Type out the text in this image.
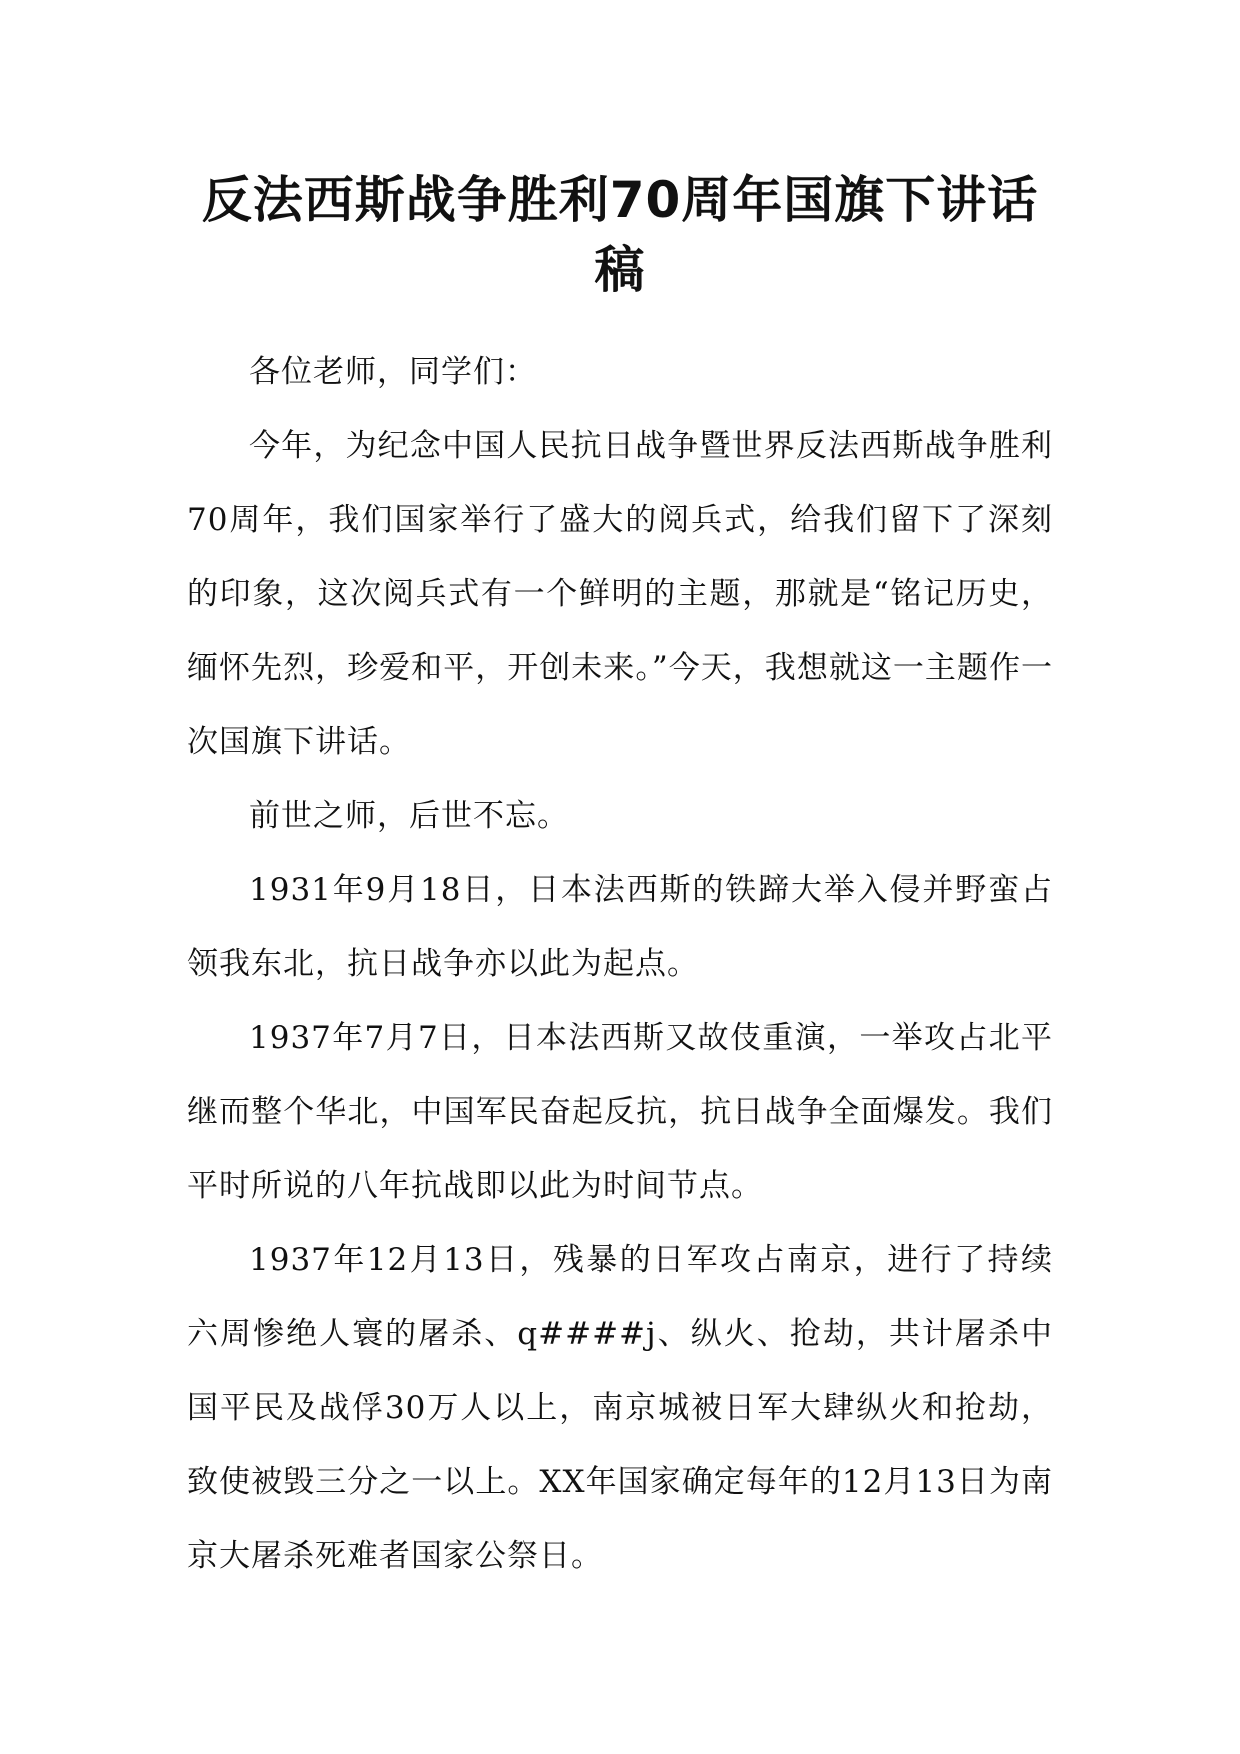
反法西斯战争胜利70周年国旗下讲话稿

各位老师，同学们：

今年，为纪念中国人民抗日战争暨世界反法西斯战争胜利70周年，我们国家举行了盛大的阅兵式，给我们留下了深刻的印象，这次阅兵式有一个鲜明的主题，那就是“铭记历史，缅怀先烈，珍爱和平，开创未来。”今天，我想就这一主题作一次国旗下讲话。

前世之师，后世不忘。

1931年9月18日，日本法西斯的铁蹄大举入侵并野蛮占领我东北，抗日战争亦以此为起点。

1937年7月7日，日本法西斯又故伎重演，一举攻占北平继而整个华北，中国军民奋起反抗，抗日战争全面爆发。我们平时所说的八年抗战即以此为时间节点。

1937年12月13日，残暴的日军攻占南京，进行了持续六周惨绝人寰的屠杀、q####j、纵火、抢劫，共计屠杀中国平民及战俘30万人以上，南京城被日军大肆纵火和抢劫，致使被毁三分之一以上。XX年国家确定每年的12月13日为南京大屠杀死难者国家公祭日。
